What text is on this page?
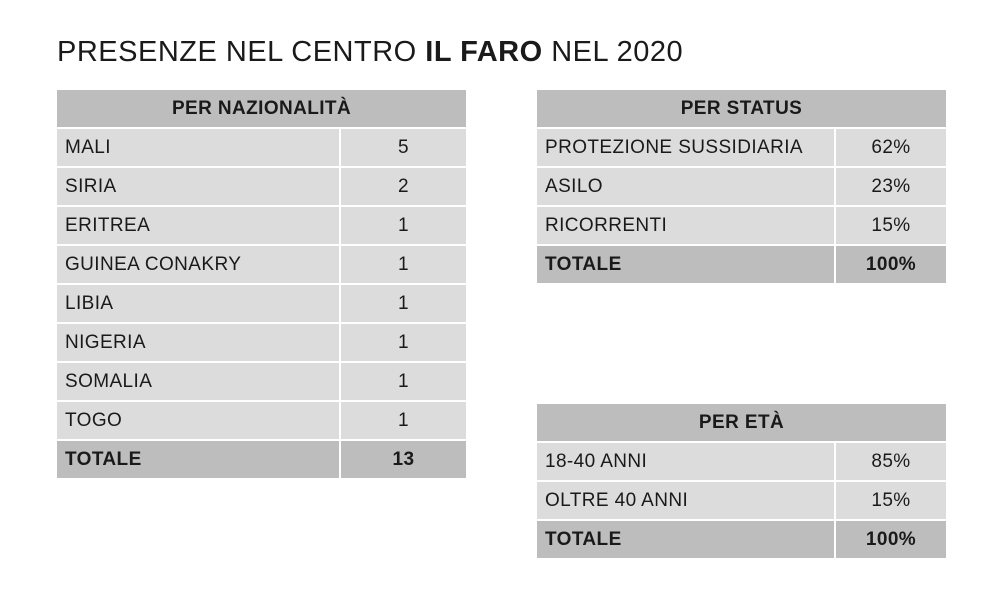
PRESENZE NEL CENTRO IL FARO NEL 2020
PER NAZIONALITÀ	
MALI	5
SIRIA	2
ERITREA	1
GUINEA CONAKRY	1
LIBIA	1
NIGERIA	1
SOMALIA	1
TOGO	1
TOTALE	13
PER STATUS	
PROTEZIONE SUSSIDIARIA	62%
ASILO	23%
RICORRENTI	15%
TOTALE	100%
PER ETÀ	
18-40 ANNI	85%
OLTRE 40 ANNI	15%
TOTALE	100%
